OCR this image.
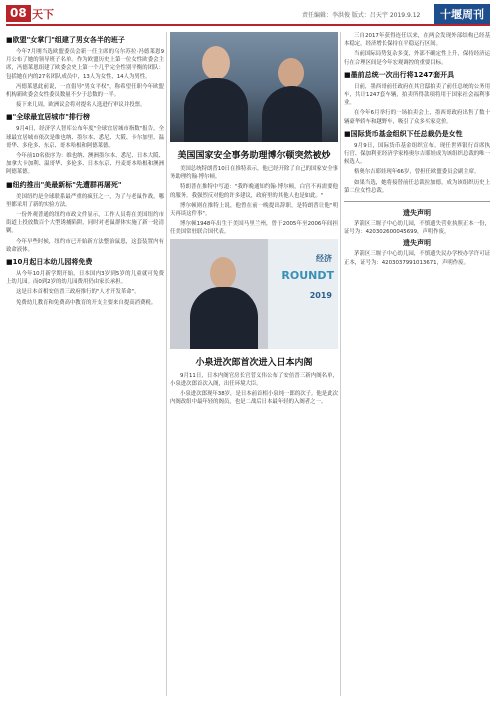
08 天下	责任编辑：李洪俊 版式：吕天宇 2019.9.12	十堰周刊
■欧盟"女掌门"组建了男女各半的班子

今年7月刚当选欧盟委员会新一任主席的乌尔苏拉·冯德莱恩9月公布了她的领导班子名单。作为欧盟历史上第一位女性欧委会主席，冯德莱恩组建了欧委会史上第一个几乎完全性别平衡的团队：包括她在内的27名团队成员中，13人为女性，14人为男性。

冯德莱恩此前说，一直倡导"男女平权"，称希望任职今年欧盟机构新欧委会女性委员数量不少于总数的一半。

接下来几周，欧洲议会将对提名人选进行审议并投票。

■"全球最宜居城市"排行榜

9月4日，经济学人智库公布年度"全球宜居城市指数"报告，全球最宜居城市依次是维也纳、墨尔本、悉尼、大阪、卡尔加里、温哥华、多伦多、东京、哥本哈根和阿德莱德。

今年前10名依序为：维也纳、澳洲墨尔本、悉尼、日本大阪、加拿大卡加利、温哥华、多伦多、日本东京、丹麦哥本哈根和澳洲阿德莱德。

■纽约推出"美最新标"先遭群再屠死"

美国纽约是全球联系最严重的疯狂之一，为了与老鼠作战，哪里都采用了新的实验方法。

一份外观普通的纽约市政文件显示，工作人员将在美国纽约市街道上投放数百个大型诱捕陷阱，同时对老鼠群体实施了新一轮清剿。

今年早些时候，纽约市已开始新方法整治鼠患，这套装置内有致命液体。

■10月起日本幼儿园将免费

从今年10月新学期开始，日本国内3岁到5岁的儿童就可免费上幼儿园。而0到2岁的幼儿园费用仍由家长承担。

这是日本首相安倍晋三政府推行的"人才开发革命"。

免费幼儿教育和免费高中教育的开支主要来自提高消费税。

美国国家安全事务助理博尔顿突然被炒

美国总统特朗普10日在推特表示，他已经开除了自己的国家安全事务助理约翰·博尔顿。

特朗普在推特中写道："我昨晚通知约翰·博尔顿，白宫不再需要他的服务。我强烈反对他的许多建议，政府里的其他人也是如此。"

博尔顿则在推特上说，他曾在前一晚提出辞职，是特朗普让他"明天再谈这件事"。

博尔顿1948年出生于美国马里兰州，曾于2005年至2006年间担任美国常驻联合国代表。

经济
ROUNDT
2019
小泉进次郎首次进入日本内阁

9月11日，日本内阁官房长官菅义伟公布了安倍晋三新内阁名单，小泉进次郎首次入阁，出任环境大臣。

小泉进次郎现年38岁，是日本前首相小泉纯一郎的次子。他是此次内阁改组中最年轻的阁员，也是二战后日本最年轻的入阁者之一。

三自2017年获得连任以来，在两会发现外部结构已经基本稳定，经济增长保持在平稳运行区间。

当前国际局势复杂多变，外部不确定性上升，保持经济运行在合理区间是今年宏观调控的重要目标。

■墨前总统一次出行将1247套开具

日前，墨西哥前任政府在其官邸拍卖了前任总统的公务用车，共计1247套车辆，拍卖所得款项将用于国家社会福利事业。

在今年6月举行的一场拍卖会上，墨西哥政府出售了数十辆豪华轿车和越野车，吸引了众多买家竞价。

■国际货币基金组织下任总裁仍是女性

9月9日，国际货币基金组织宣布，现任世界银行首席执行官、保加利亚经济学家格奥尔吉耶娃成为该组织总裁的唯一候选人。

格奥尔吉耶娃现年66岁，曾担任欧盟委员会副主席。

如果当选，她将接替前任总裁拉加德，成为该组织历史上第二位女性总裁。

遗失声明

茅箭区三堰子中心幼儿园，不慎遗失营业执照正本一份，证号为：420302600045699，声明作废。

遗失声明

茅箭区三堰子中心幼儿园，不慎遗失民办学校办学许可证正本，证号为：4203037991013671，声明作废。
